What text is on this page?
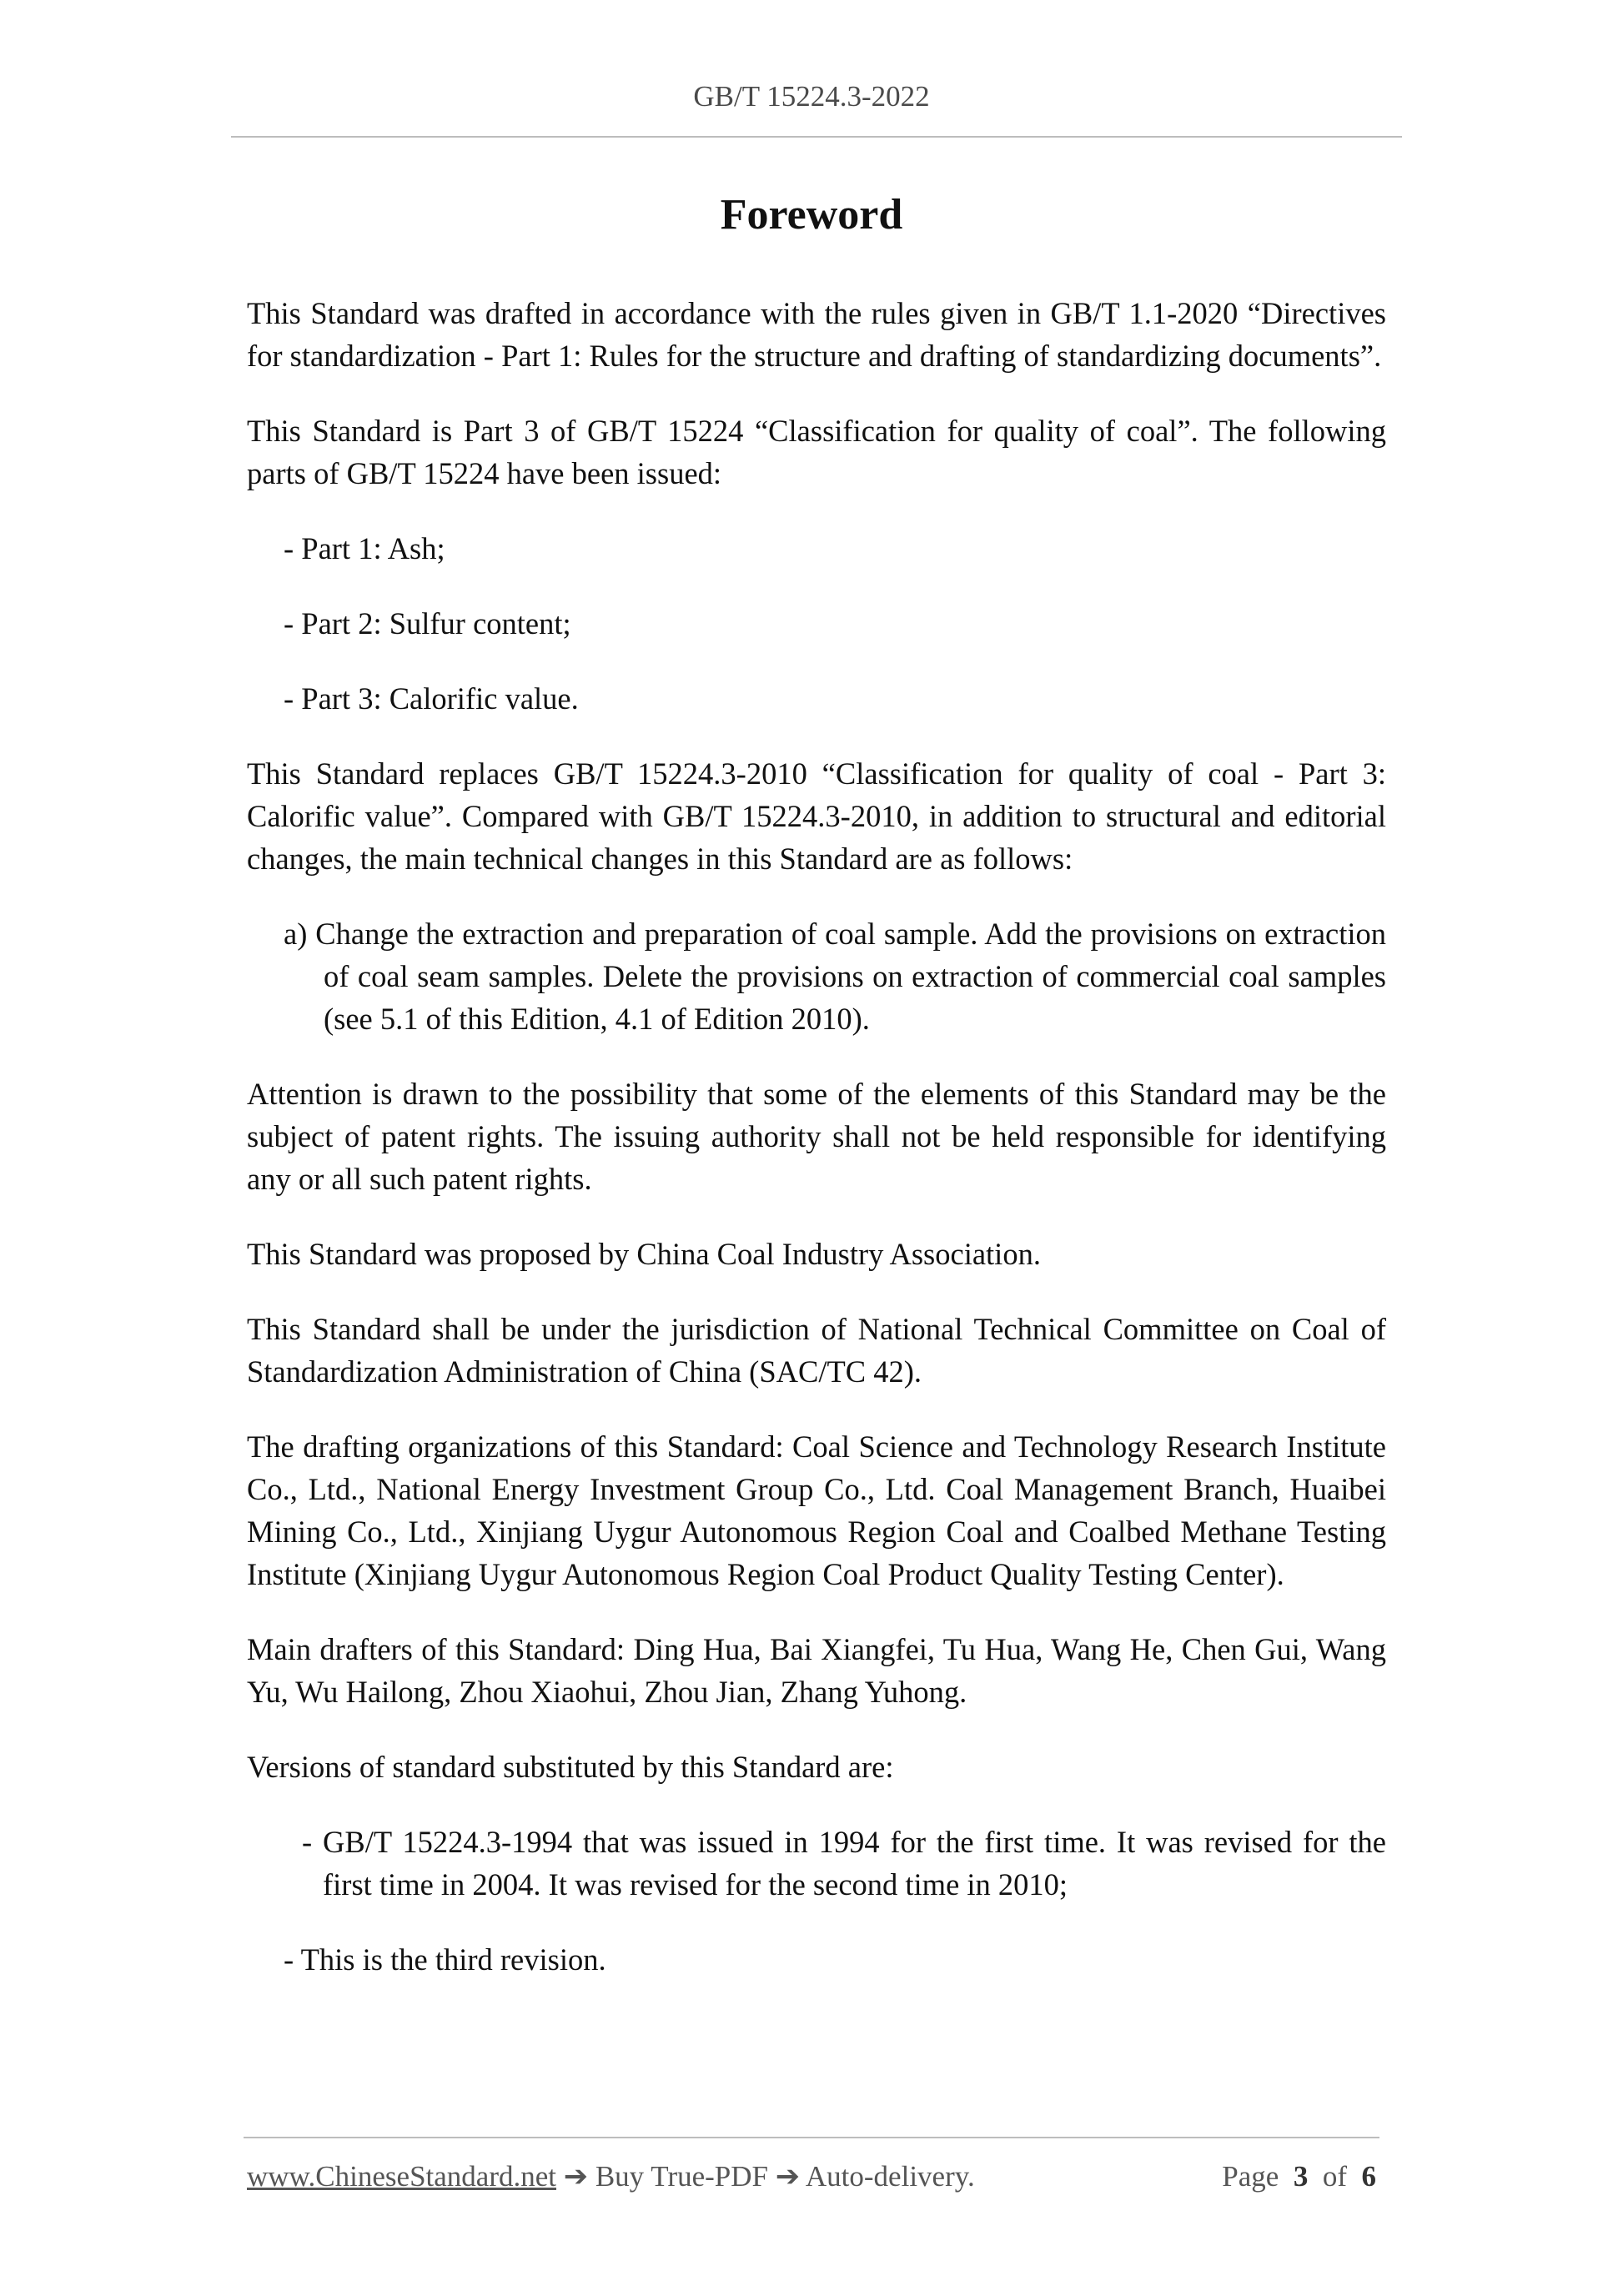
GB/T 15224.3-2022
Foreword

This Standard was drafted in accordance with the rules given in GB/T 1.1-2020 “Directives for standardization - Part 1: Rules for the structure and drafting of standardizing documents”.

This Standard is Part 3 of GB/T 15224 “Classification for quality of coal”. The following parts of GB/T 15224 have been issued:

- Part 1: Ash;

- Part 2: Sulfur content;

- Part 3: Calorific value.

This Standard replaces GB/T 15224.3-2010 “Classification for quality of coal - Part 3: Calorific value”. Compared with GB/T 15224.3-2010, in addition to structural and editorial changes, the main technical changes in this Standard are as follows:

a) Change the extraction and preparation of coal sample. Add the provisions on extraction of coal seam samples. Delete the provisions on extraction of commercial coal samples (see 5.1 of this Edition, 4.1 of Edition 2010).

Attention is drawn to the possibility that some of the elements of this Standard may be the subject of patent rights. The issuing authority shall not be held responsible for identifying any or all such patent rights.

This Standard was proposed by China Coal Industry Association.

This Standard shall be under the jurisdiction of National Technical Committee on Coal of Standardization Administration of China (SAC/TC 42).

The drafting organizations of this Standard: Coal Science and Technology Research Institute Co., Ltd., National Energy Investment Group Co., Ltd. Coal Management Branch, Huaibei Mining Co., Ltd., Xinjiang Uygur Autonomous Region Coal and Coalbed Methane Testing Institute (Xinjiang Uygur Autonomous Region Coal Product Quality Testing Center).

Main drafters of this Standard: Ding Hua, Bai Xiangfei, Tu Hua, Wang He, Chen Gui, Wang Yu, Wu Hailong, Zhou Xiaohui, Zhou Jian, Zhang Yuhong.

Versions of standard substituted by this Standard are:

- GB/T 15224.3-1994 that was issued in 1994 for the first time. It was revised for the first time in 2004. It was revised for the second time in 2010;

- This is the third revision.

www.ChineseStandard.net ➔ Buy True-PDF ➔ Auto-delivery.	Page 3 of 6
